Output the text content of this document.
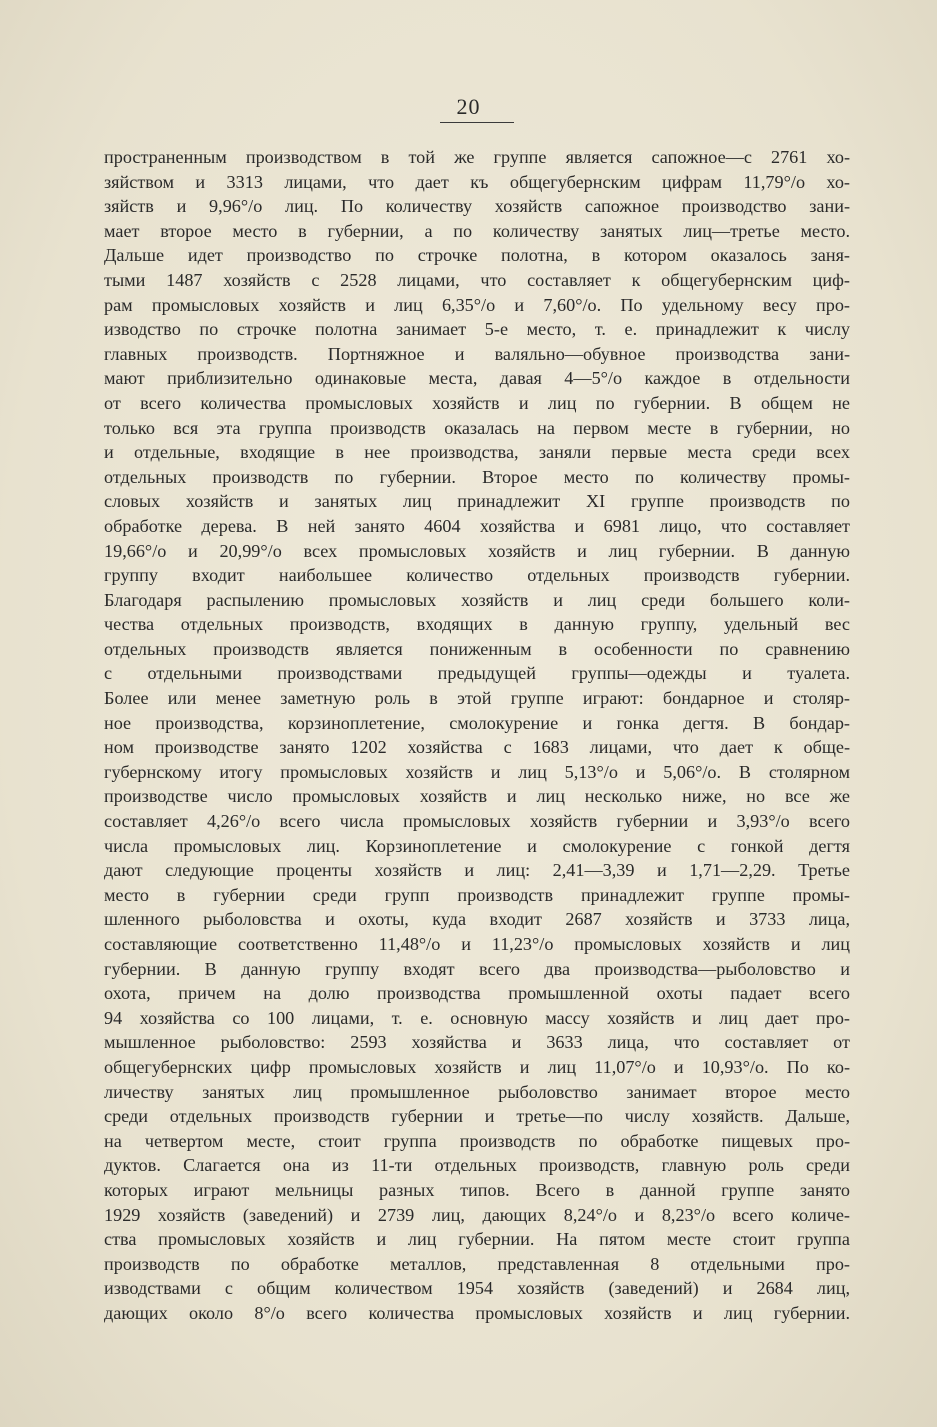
20
пространенным производством в той же группе является сапожное—с 2761 хо-
зяйством и 3313 лицами, что дает къ общегубернским цифрам 11,79°/o хо-
зяйств и 9,96°/o лиц. По количеству хозяйств сапожное производство зани-
мает второе место в губернии, а по количеству занятых лиц—третье место.
Дальше идет производство по строчке полотна, в котором оказалось заня-
тыми 1487 хозяйств с 2528 лицами, что составляет к общегубернским циф-
рам промысловых хозяйств и лиц 6,35°/o и 7,60°/o. По удельному весу про-
изводство по строчке полотна занимает 5-е место, т. е. принадлежит к числу
главных производств. Портняжное и валяльно—обувное производства зани-
мают приблизительно одинаковые места, давая 4—5°/o каждое в отдельности
от всего количества промысловых хозяйств и лиц по губернии. В общем не
только вся эта группа производств оказалась на первом месте в губернии, но
и отдельные, входящие в нее производства, заняли первые места среди всех
отдельных производств по губернии. Второе место по количеству промы-
словых хозяйств и занятых лиц принадлежит XI группе производств по
обработке дерева. В ней занято 4604 хозяйства и 6981 лицо, что составляет
19,66°/o и 20,99°/o всех промысловых хозяйств и лиц губернии. В данную
группу входит наибольшее количество отдельных производств губернии.
Благодаря распылению промысловых хозяйств и лиц среди большего коли-
чества отдельных производств, входящих в данную группу, удельный вес
отдельных производств является пониженным в особенности по сравнению
с отдельными производствами предыдущей группы—одежды и туалета.
Более или менее заметную роль в этой группе играют: бондарное и столяр-
ное производства, корзиноплетение, смолокурение и гонка дегтя. В бондар-
ном производстве занято 1202 хозяйства с 1683 лицами, что дает к обще-
губернскому итогу промысловых хозяйств и лиц 5,13°/o и 5,06°/o. В столярном
производстве число промысловых хозяйств и лиц несколько ниже, но все же
составляет 4,26°/o всего числа промысловых хозяйств губернии и 3,93°/o всего
числа промысловых лиц. Корзиноплетение и смолокурение с гонкой дегтя
дают следующие проценты хозяйств и лиц: 2,41—3,39 и 1,71—2,29. Третье
место в губернии среди групп производств принадлежит группе промы-
шленного рыболовства и охоты, куда входит 2687 хозяйств и 3733 лица,
составляющие соответственно 11,48°/o и 11,23°/o промысловых хозяйств и лиц
губернии. В данную группу входят всего два производства—рыболовство и
охота, причем на долю производства промышленной охоты падает всего
94 хозяйства со 100 лицами, т. е. основную массу хозяйств и лиц дает про-
мышленное рыболовство: 2593 хозяйства и 3633 лица, что составляет от
общегубернских цифр промысловых хозяйств и лиц 11,07°/o и 10,93°/o. По ко-
личеству занятых лиц промышленное рыболовство занимает второе место
среди отдельных производств губернии и третье—по числу хозяйств. Дальше,
на четвертом месте, стоит группа производств по обработке пищевых про-
дуктов. Слагается она из 11-ти отдельных производств, главную роль среди
которых играют мельницы разных типов. Всего в данной группе занято
1929 хозяйств (заведений) и 2739 лиц, дающих 8,24°/o и 8,23°/o всего количе-
ства промысловых хозяйств и лиц губернии. На пятом месте стоит группа
производств по обработке металлов, представленная 8 отдельными про-
изводствами с общим количеством 1954 хозяйств (заведений) и 2684 лиц,
дающих около 8°/o всего количества промысловых хозяйств и лиц губернии.
